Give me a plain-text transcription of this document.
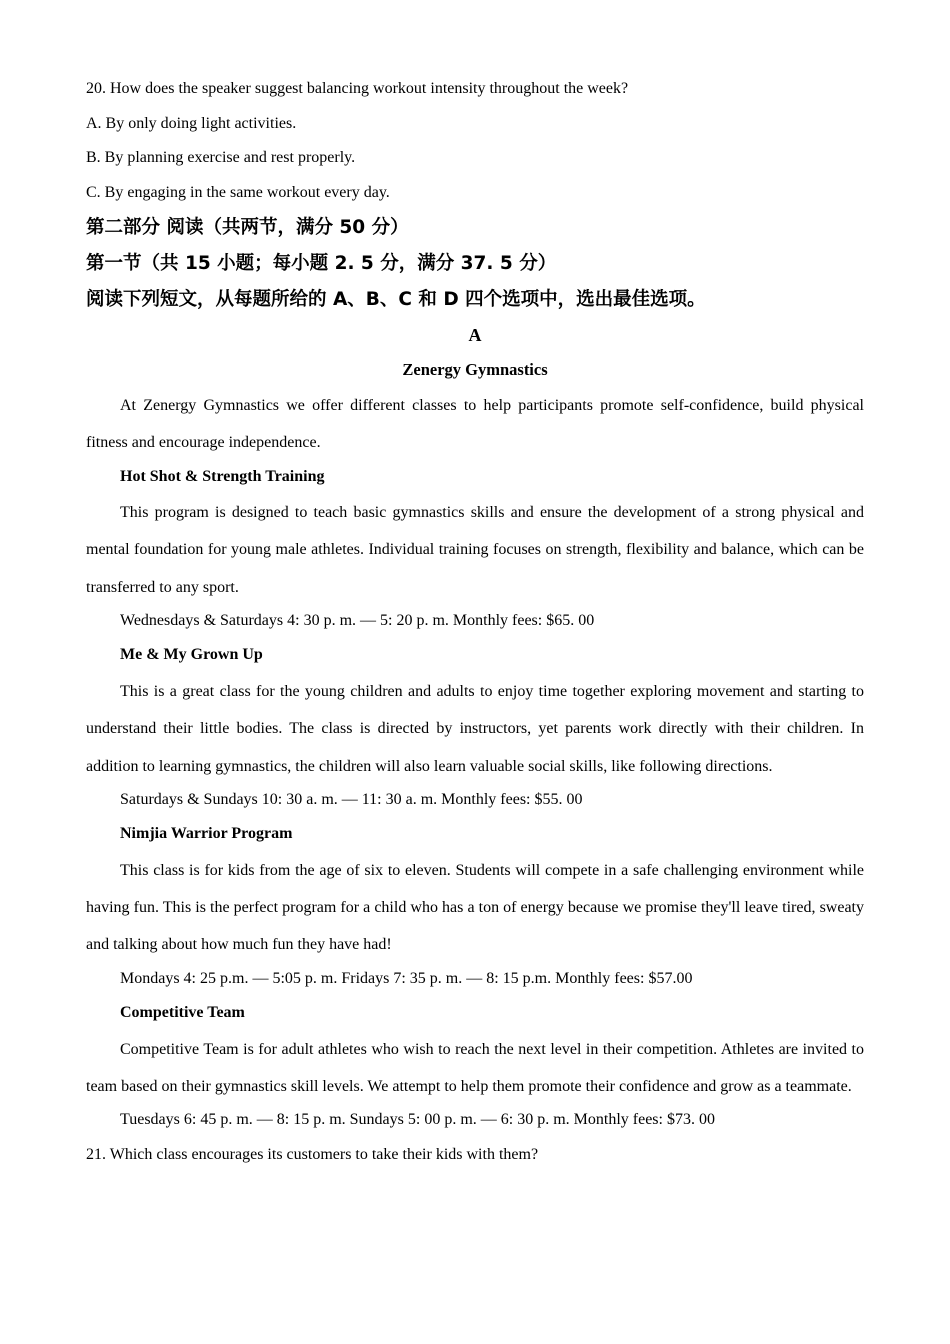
20. How does the speaker suggest balancing workout intensity throughout the week?
A. By only doing light activities.
B. By planning exercise and rest properly.
C. By engaging in the same workout every day.
第二部分 阅读（共两节，满分 50 分）
第一节（共 15 小题；每小题 2. 5 分，满分 37. 5 分）
阅读下列短文，从每题所给的 A、B、C 和 D 四个选项中，选出最佳选项。
A
Zenergy Gymnastics

At Zenergy Gymnastics we offer different classes to help participants promote self-confidence, build physical fitness and encourage independence.

Hot Shot & Strength Training

This program is designed to teach basic gymnastics skills and ensure the development of a strong physical and mental foundation for young male athletes. Individual training focuses on strength, flexibility and balance, which can be transferred to any sport.

Wednesdays & Saturdays 4: 30 p. m. — 5: 20 p. m. Monthly fees: $65. 00
Me & My Grown Up

This is a great class for the young children and adults to enjoy time together exploring movement and starting to understand their little bodies. The class is directed by instructors, yet parents work directly with their children. In addition to learning gymnastics, the children will also learn valuable social skills, like following directions.

Saturdays & Sundays 10: 30 a. m. — 11: 30 a. m. Monthly fees: $55. 00
Nimjia Warrior Program

This class is for kids from the age of six to eleven. Students will compete in a safe challenging environment while having fun. This is the perfect program for a child who has a ton of energy because we promise they'll leave tired, sweaty and talking about how much fun they have had!

Mondays 4: 25 p.m. — 5:05 p. m. Fridays 7: 35 p. m. — 8: 15 p.m. Monthly fees: $57.00
Competitive Team

Competitive Team is for adult athletes who wish to reach the next level in their competition. Athletes are invited to team based on their gymnastics skill levels. We attempt to help them promote their confidence and grow as a teammate.

Tuesdays 6: 45 p. m. — 8: 15 p. m. Sundays 5: 00 p. m. — 6: 30 p. m. Monthly fees: $73. 00
21. Which class encourages its customers to take their kids with them?
